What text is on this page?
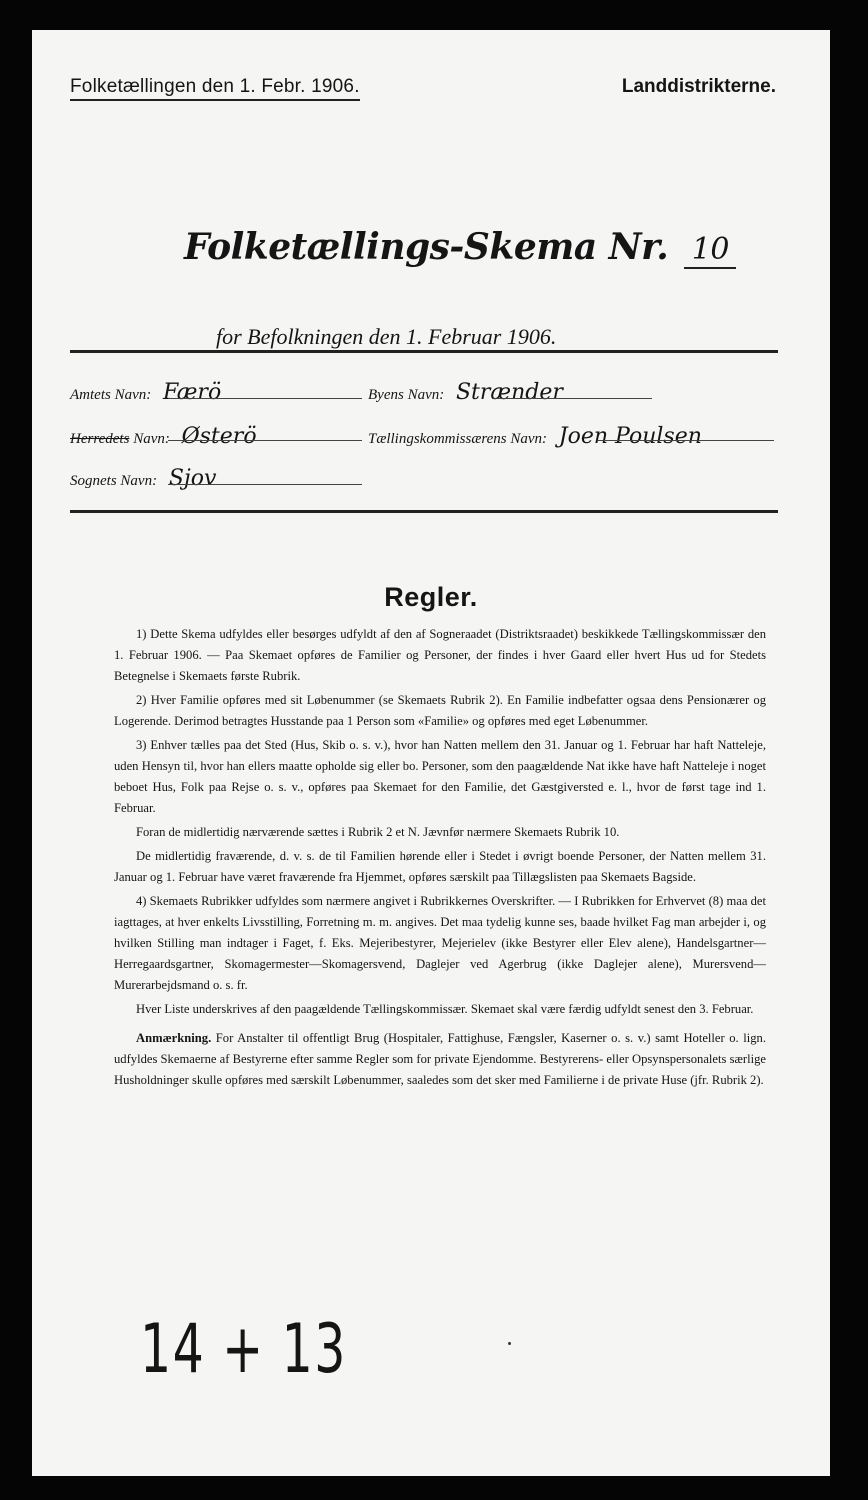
Folketællingen den 1. Febr. 1906.	Landdistrikterne.
Folketællings-Skema Nr. 10
for Befolkningen den 1. Februar 1906.
Amtets Navn: Færö
Herredets Navn: Østerö
Sognets Navn: Sjov
Byens Navn: Strænder
Tællingskommissærens Navn: Joen Poulsen
Regler.

1) Dette Skema udfyldes eller besørges udfyldt af den af Sogneraadet (Distriktsraadet) beskikkede Tællingskommissær den 1. Februar 1906. — Paa Skemaet opføres de Familier og Personer, der findes i hver Gaard eller hvert Hus ud for Stedets Betegnelse i Skemaets første Rubrik.

2) Hver Familie opføres med sit Løbenummer (se Skemaets Rubrik 2). En Familie indbefatter ogsaa dens Pensionærer og Logerende. Derimod betragtes Husstande paa 1 Person som «Familie» og opføres med eget Løbenummer.

3) Enhver tælles paa det Sted (Hus, Skib o. s. v.), hvor han Natten mellem den 31. Januar og 1. Februar har haft Natteleje, uden Hensyn til, hvor han ellers maatte opholde sig eller bo. Personer, som den paagældende Nat ikke have haft Natteleje i noget beboet Hus, Folk paa Rejse o. s. v., opføres paa Skemaet for den Familie, det Gæstgiversted e. l., hvor de først tage ind 1. Februar.

Foran de midlertidig nærværende sættes i Rubrik 2 et N. Jævnfør nærmere Skemaets Rubrik 10.

De midlertidig fraværende, d. v. s. de til Familien hørende eller i Stedet i øvrigt boende Personer, der Natten mellem 31. Januar og 1. Februar have været fraværende fra Hjemmet, opføres særskilt paa Tillægslisten paa Skemaets Bagside.

4) Skemaets Rubrikker udfyldes som nærmere angivet i Rubrikkernes Overskrifter. — I Rubrikken for Erhvervet (8) maa det iagttages, at hver enkelts Livsstilling, Forretning m. m. angives. Det maa tydelig kunne ses, baade hvilket Fag man arbejder i, og hvilken Stilling man indtager i Faget, f. Eks. Mejeribestyrer, Mejerielev (ikke Bestyrer eller Elev alene), Handelsgartner—Herregaardsgartner, Skomagermester—Skomagersvend, Daglejer ved Agerbrug (ikke Daglejer alene), Murersvend—Murerarbejdsmand o. s. fr.

Hver Liste underskrives af den paagældende Tællingskommissær. Skemaet skal være færdig udfyldt senest den 3. Februar.

Anmærkning. For Anstalter til offentligt Brug (Hospitaler, Fattighuse, Fængsler, Kaserner o. s. v.) samt Hoteller o. lign. udfyldes Skemaerne af Bestyrerne efter samme Regler som for private Ejendomme. Bestyrerens- eller Opsynspersonalets særlige Husholdninger skulle opføres med særskilt Løbenummer, saaledes som det sker med Familierne i de private Huse (jfr. Rubrik 2).

14 + 13
